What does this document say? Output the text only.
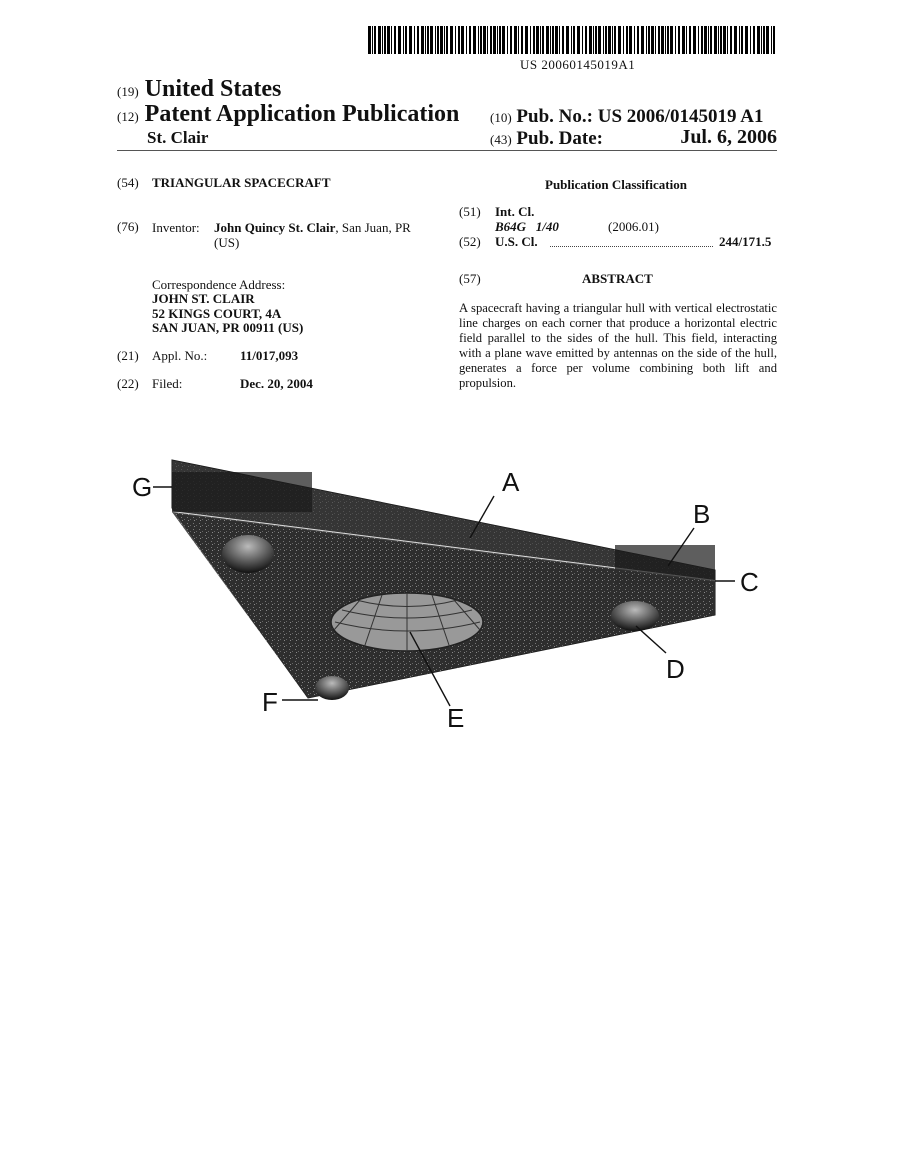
US 20060145019A1
(19) United States
(12) Patent Application Publication
St. Clair
(10) Pub. No.: US 2006/0145019 A1
(43) Pub. Date:	Jul. 6, 2006
(54) TRIANGULAR SPACECRAFT
(76) Inventor: John Quincy St. Clair, San Juan, PR
(US)
Correspondence Address:
JOHN ST. CLAIR
52 KINGS COURT, 4A
SAN JUAN, PR 00911 (US)
(21) Appl. No.:	11/017,093
(22) Filed:	Dec. 20, 2004
Publication Classification
(51) Int. Cl.
B64G   1/40	(2006.01)
(52) U.S. Cl.	244/171.5
(57)	ABSTRACT
A spacecraft having a triangular hull with vertical electrostatic line charges on each corner that produce a horizontal electric field parallel to the sides of the hull. This field, interacting with a plane wave emitted by antennas on the side of the hull, generates a force per volume combining both lift and propulsion.
G	A
B
C
D
E
F
